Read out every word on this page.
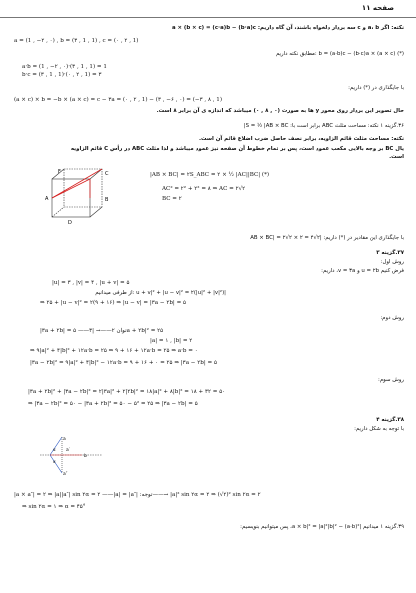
صفحه ۱۱
نکته: اگر a، b و c سه بردار دلخواه باشند، آن گاه داریم: a × (b × c) = (c·a)b − (b·a)c
a = (1 , −۲ , ۰) , b = (۳ , 1 , 1) , c = (۰ , ۲ , 1)
(*) (a × c) × b = (a·b)c − (b·c)a :مطابق نکته داریم
a·b = (1 , −۲ , ۰)·(۳ , 1 , 1) = 1
b·c = (۳ , 1 , 1)·(۰ , ۲ , 1) = ۳
با جایگذاری در (*) داریم:
(a × c) × b = −b × (a × c) = c − ۳a = (۰ , ۲ , 1) − (۳ , −۶ , ۰) = (−۳ , ۸ , 1)
حال تصویر این بردار روی محور y ها به صورت (۰ , ۸ , ۰) میباشد که اندازه ی آن برابر ۸ است.
۳۶.گزینه ۱ نکته: مساحت مثلث ABC برابر است با: S = ½ |AB × BC|
نکته: مساحت مثلث قائم الزاویه، برابر نصف حاصل ضرب اضلاع قائم آن است.
یال BC بر وجه بالایی مکعب عمود است، پس بر تمام خطوط آن صفحه نیز عمود میباشد و لذا مثلث ABC در رأس C قائم الزاویه
است.
F	C
B
A
D
|AB × BC| = ۲S_ABC = ۲ × ½ |AC||BC| (*)
AC² = ۲² + ۲² = ۸ ⇒ AC = ۲√۲
BC = ۲
با جایگذاری این مقادیر در (*) داریم: |AB × BC| = ۲√۲ × ۲ = ۴√۲
۳۷.گزینه ۳
روش اول:
فرض کنیم u = ۲b و v = ۳a، داریم:
|u| = ۳ , |v| = ۴ , |u + v| = ۵
|u + v|² + |u − v|² = ۲(|u|² + |v|²) :از طرفی میدانیم
⇒ ۲۵ + |u − v|² = ۲(۹ + ۱۶) ⇒ |u − v| = |۳a − ۲b| = ۵
روش دوم:
|۳a + ۲b| = ۵ ——توان ۲——→ |۳a + ۲b|² = ۲۵
|a| = ۱ , |b| = ۲
⇒ ۹|a|² + ۴|b|² + ۱۲a·b = ۲۵ ⇒ ۹ + ۱۶ + ۱۲a·b = ۲۵ ⇒ a·b = ۰
|۳a − ۲b|² = ۹|a|² + ۴|b|² − ۱۲a·b = ۹ + ۱۶ + ۰ = ۲۵ ⇒ |۳a − ۲b| = ۵
روش سوم:
|۳a + ۲b|² + |۳a − ۲b|² = ۲|۳a|² + ۲|۲b|² = ۱۸|a|² + ۸|b|² = ۱۸ + ۳۲ = ۵۰
⇒ |۳a − ۲b|² = ۵۰ − |۳a + ۲b|² = ۵۰ − ۵² = ۲۵ ⇒ |۳a − ۲b| = ۵
۳۸.گزینه ۴
با توجه به شکل داریم:
a
a′
a″
b
α
α
|a × a″| = ۲ ⇒ |a||a″| sin ۲α = ۲ ——|a| = |a″| :توجه——→ |a|² sin ۲α = ۲ ⇒ (√۲)² sin ۲α = ۲
⇒ sin ۲α = ۱ ⇒ α = ۴۵°
۳۹.گزینه ۱ میدانیم |a × b|² = |a|²|b|² − (a·b)²، پس میتوانیم بنویسیم:
